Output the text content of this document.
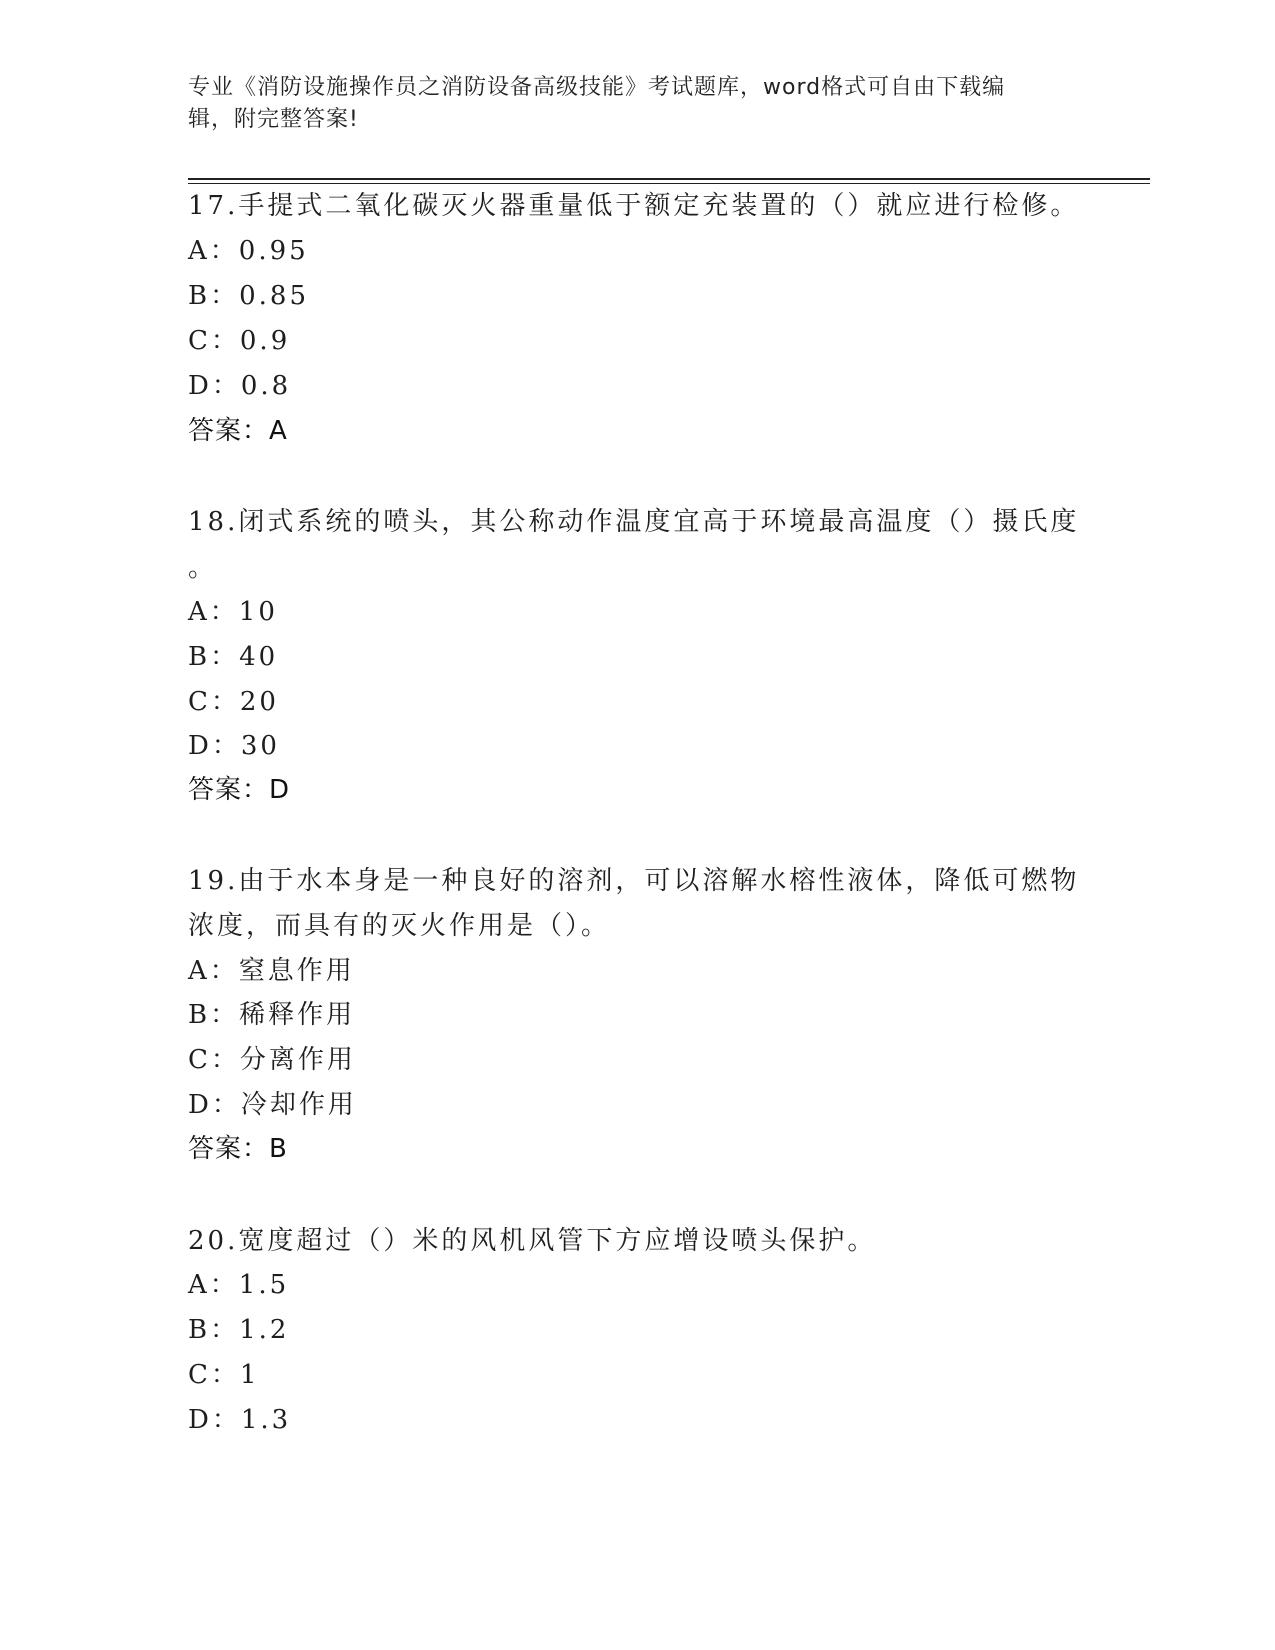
专业《消防设施操作员之消防设备高级技能》考试题库，word格式可自由下载编
辑，附完整答案!
17.手提式二氧化碳灭火器重量低于额定充装置的（）就应进行检修。
A：0.95
B：0.85
C：0.9
D：0.8
答案：A
18.闭式系统的喷头，其公称动作温度宜高于环境最高温度（）摄氏度
。
A：10
B：40
C：20
D：30
答案：D
19.由于水本身是一种良好的溶剂，可以溶解水榕性液体，降低可燃物
浓度，而具有的灭火作用是（）。
A：窒息作用
B：稀释作用
C：分离作用
D：冷却作用
答案：B
20.宽度超过（）米的风机风管下方应增设喷头保护。
A：1.5
B：1.2
C：1
D：1.3
